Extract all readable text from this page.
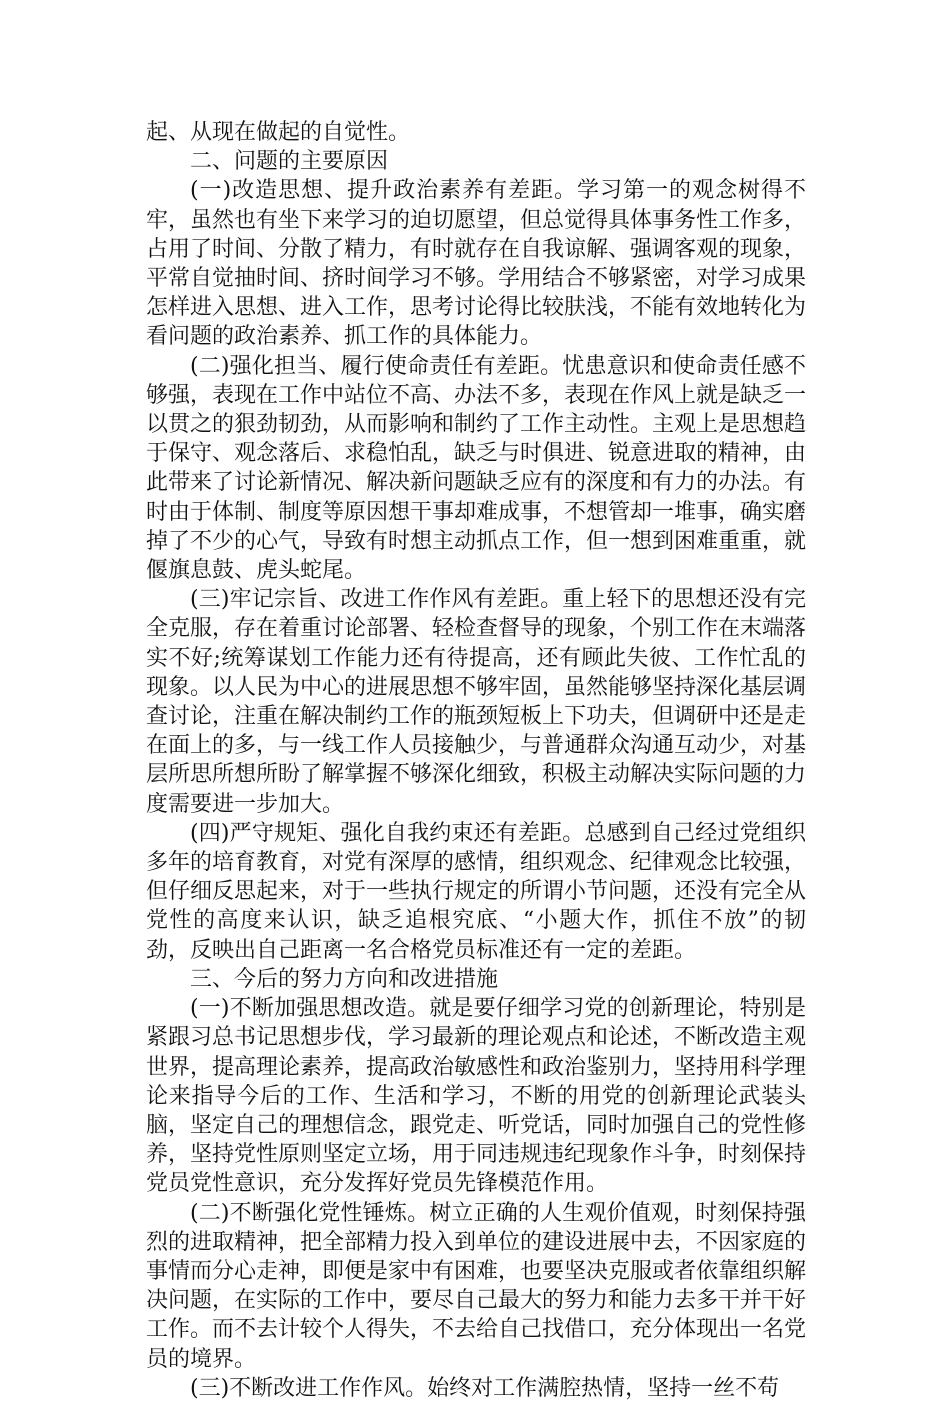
起、从现在做起的自觉性。

二、问题的主要原因

(一)改造思想、提升政治素养有差距。学习第一的观念树得不牢，虽然也有坐下来学习的迫切愿望，但总觉得具体事务性工作多，占用了时间、分散了精力，有时就存在自我谅解、强调客观的现象，平常自觉抽时间、挤时间学习不够。学用结合不够紧密，对学习成果怎样进入思想、进入工作，思考讨论得比较肤浅，不能有效地转化为看问题的政治素养、抓工作的具体能力。

(二)强化担当、履行使命责任有差距。忧患意识和使命责任感不够强，表现在工作中站位不高、办法不多，表现在作风上就是缺乏一以贯之的狠劲韧劲，从而影响和制约了工作主动性。主观上是思想趋于保守、观念落后、求稳怕乱，缺乏与时俱进、锐意进取的精神，由此带来了讨论新情况、解决新问题缺乏应有的深度和有力的办法。有时由于体制、制度等原因想干事却难成事，不想管却一堆事，确实磨掉了不少的心气，导致有时想主动抓点工作，但一想到困难重重，就偃旗息鼓、虎头蛇尾。

(三)牢记宗旨、改进工作作风有差距。重上轻下的思想还没有完全克服，存在着重讨论部署、轻检查督导的现象，个别工作在末端落实不好;统筹谋划工作能力还有待提高，还有顾此失彼、工作忙乱的现象。以人民为中心的进展思想不够牢固，虽然能够坚持深化基层调查讨论，注重在解决制约工作的瓶颈短板上下功夫，但调研中还是走在面上的多，与一线工作人员接触少，与普通群众沟通互动少，对基层所思所想所盼了解掌握不够深化细致，积极主动解决实际问题的力度需要进一步加大。

(四)严守规矩、强化自我约束还有差距。总感到自己经过党组织多年的培育教育，对党有深厚的感情，组织观念、纪律观念比较强，但仔细反思起来，对于一些执行规定的所谓小节问题，还没有完全从党性的高度来认识，缺乏追根究底、“小题大作，抓住不放”的韧劲，反映出自己距离一名合格党员标准还有一定的差距。

三、今后的努力方向和改进措施

(一)不断加强思想改造。就是要仔细学习党的创新理论，特别是紧跟习总书记思想步伐，学习最新的理论观点和论述，不断改造主观世界，提高理论素养，提高政治敏感性和政治鉴别力，坚持用科学理论来指导今后的工作、生活和学习，不断的用党的创新理论武装头脑，坚定自己的理想信念，跟党走、听党话，同时加强自己的党性修养，坚持党性原则坚定立场，用于同违规违纪现象作斗争，时刻保持党员党性意识，充分发挥好党员先锋模范作用。

(二)不断强化党性锤炼。树立正确的人生观价值观，时刻保持强烈的进取精神，把全部精力投入到单位的建设进展中去，不因家庭的事情而分心走神，即便是家中有困难，也要坚决克服或者依靠组织解决问题，在实际的工作中，要尽自己最大的努力和能力去多干并干好工作。而不去计较个人得失，不去给自己找借口，充分体现出一名党员的境界。

(三)不断改进工作作风。始终对工作满腔热情，坚持一丝不苟
